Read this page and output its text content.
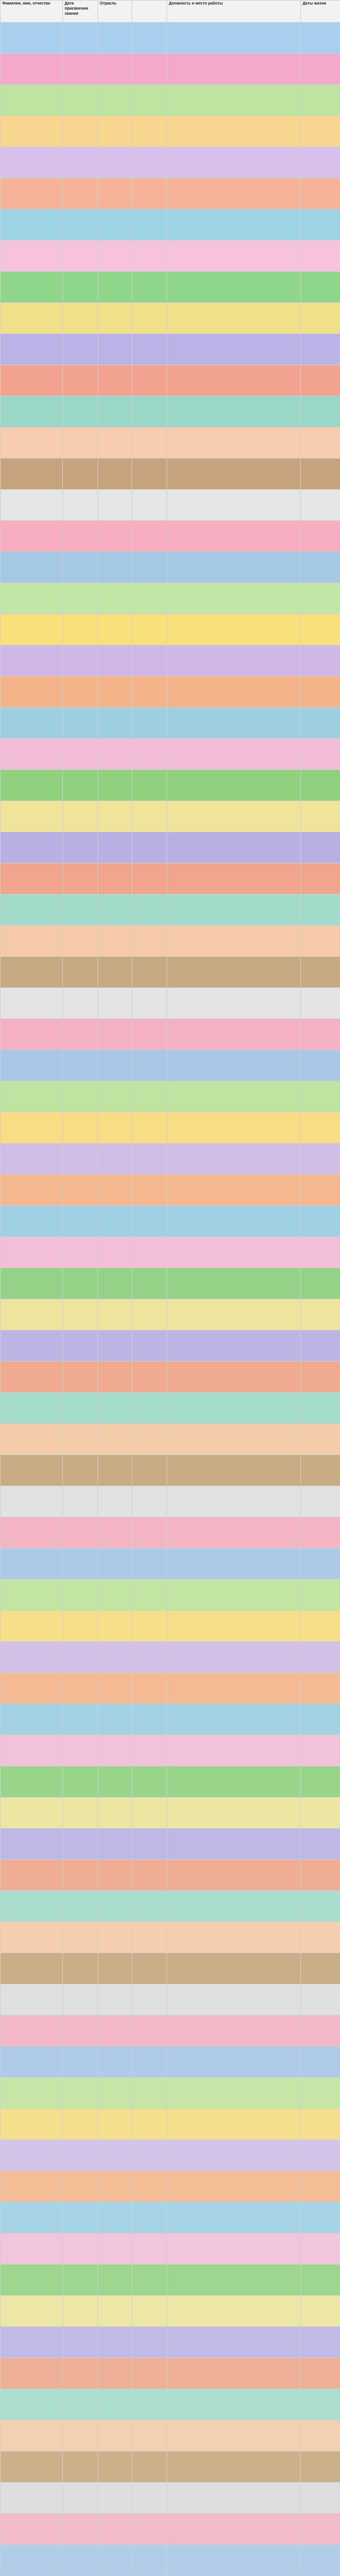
Фамилия, имя, отчество	Дата присвоения звания	Отрасль		Должность и место работы	Даты жизни
